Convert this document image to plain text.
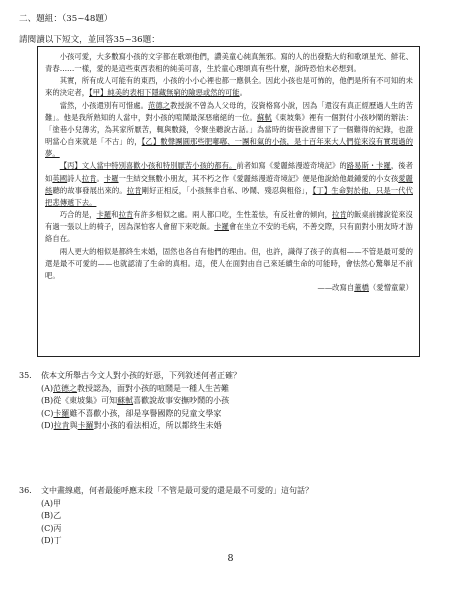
二、題組：（35~48題）
請閱讀以下短文，並回答35~36題：

小孩可愛，大多數寫小孩的文字都在歌頌他們，讚美童心純真無邪。寫的人的出發點大約和歌頌星光、鮮花、青春……一樣，愛的是這些東西表相的純美可喜，生於童心理頌真有些什麼，說時恐怕未必想到。

其實，所有成人可能有的東西，小孩的小小心裡也都一應俱全。因此小孩也是可怖的，他們是所有不可知的未來的決定者，【甲】純美的表相下隱藏無窮的險惡或然的可能。

當然，小孩還別有可惜處。范德之教授說不曾為人父母的，沒資格寫小說，因為「還沒有真正經歷過人生的苦難」。他是我所熟知的人當中，對小孩的喧鬧最深惡痛絕的一位。蘇軾《東坡集》裡有一個對付小孩吵鬧的辦法：「塗巷小兒薄劣，為其家所厭苦，輒與數錢，令聚坐聽說古話。」為當時的街巷說書留下了一個難得的紀錄，也證明當心自來就是「不古」的，【乙】數聲團圓那些肥嘟嘟、一團和氣的小孩，是十百年來大人們從來沒有實現過的夢。

【丙】文人當中特別喜歡小孩和特別厭苦小孩的都有。前者如寫《愛麗絲漫遊奇境記》的路易斯・卡羅，後者如英國詩人拉肯。卡羅一生結交無數小朋友，其不朽之作《愛麗絲漫遊奇境記》便是他說給他最鍾愛的小女孩愛麗絲聽的故事發展出來的。拉肯剛好正相反，「小孩無非自私、吵鬧、殘忍與粗俗」，【丁】生命對於他，只是一代代把悲傳遞下去。

巧合的是，卡羅和拉肯有許多相似之處。兩人都口吃，生性羞怯，有反社會的傾向，拉肯的飯桌前據說從來沒有過一張以上的椅子，因為深怕客人會留下來吃飯。卡羅會在坐立不安的毛病，不善交際，只有面對小朋友時才游絡自在。

兩人更大的相似是都終生未婚，固然也各自有他們的理由。但，也許，識得了孩子的真相——不管是最可愛的還是最不可愛的——也就認清了生命的真相。這，使人在面對由自己來延續生命的可能時，會怯然心驚舉足不前吧。

——改寫自董橋（愛憎童蒙）

35. 依本文所舉古今文人對小孩的好惡，下列敘述何者正確？
(A)范德之教授認為，面對小孩的喧鬧是一種人生苦難
(B)從《東坡集》可知蘇軾喜歡說故事安撫吵鬧的小孩
(C)卡羅雖不喜歡小孩，卻是享譽國際的兒童文學家
(D)拉肯與卡羅對小孩的看法相近，所以都終生未婚
36. 文中畫線處，何者最能呼應末段「不管是最可愛的還是最不可愛的」這句話？
(A)甲
(B)乙
(C)丙
(D)丁
8
